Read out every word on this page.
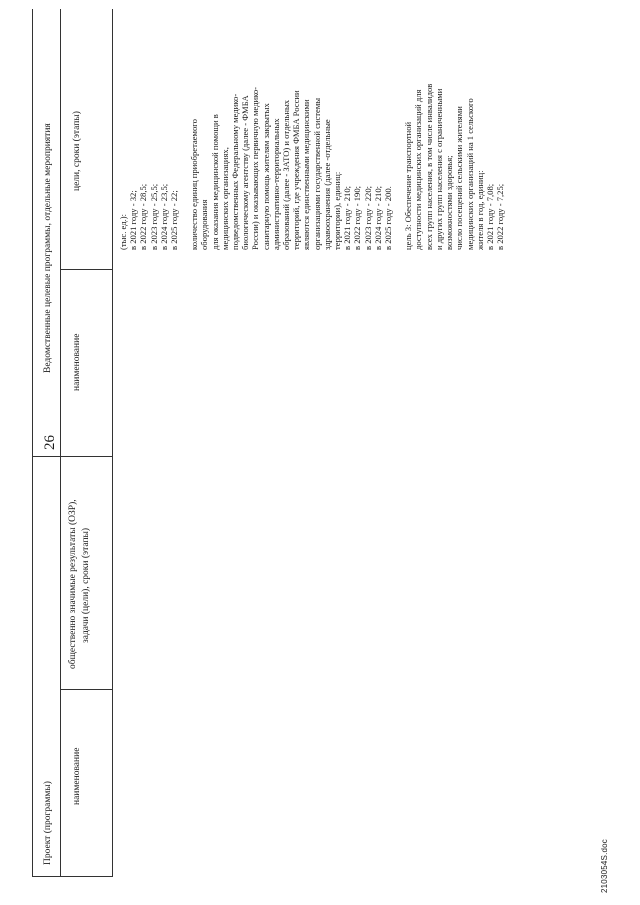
26
2103054S.doc
Проект (программы)
Ведомственные целевые программы, отдельные мероприятия
наименование
общественно значимые результаты (ОЗР), задачи (цели), сроки (этапы)
наименование
цели, сроки (этапы)

(тыс. ед.): в 2021 году - 32; в 2022 году - 28,5; в 2023 году - 25,5; в 2024 году - 23,5; в 2025 году - 22; количество единиц приобретаемого оборудования для оказания медицинской помощи в медицинских организациях, подведомственных Федеральному медико- биологическому агентству (далее - ФМБА России) и оказывающих первичную медико- санитарную помощь жителям закрытых административно-территориальных образований (далее - ЗАТО) и отдельных территорий, где учреждения ФМБА России являются единственными медицинскими организациями государственной системы здравоохранения (далее -отдельные территории), единиц: в 2021 году - 210; в 2022 году - 190; в 2023 году - 220; в 2024 году - 210; в 2025 году - 200. цель 3: Обеспечение транспортной доступности медицинских организаций для всех групп населения, в том числе инвалидов и других групп населения с ограниченными возможностями здоровья; число посещений сельскими жителями медицинских организаций на 1 сельского жителя в год, единиц: в 2021 году - 7,08; в 2022 году - 7,25;
